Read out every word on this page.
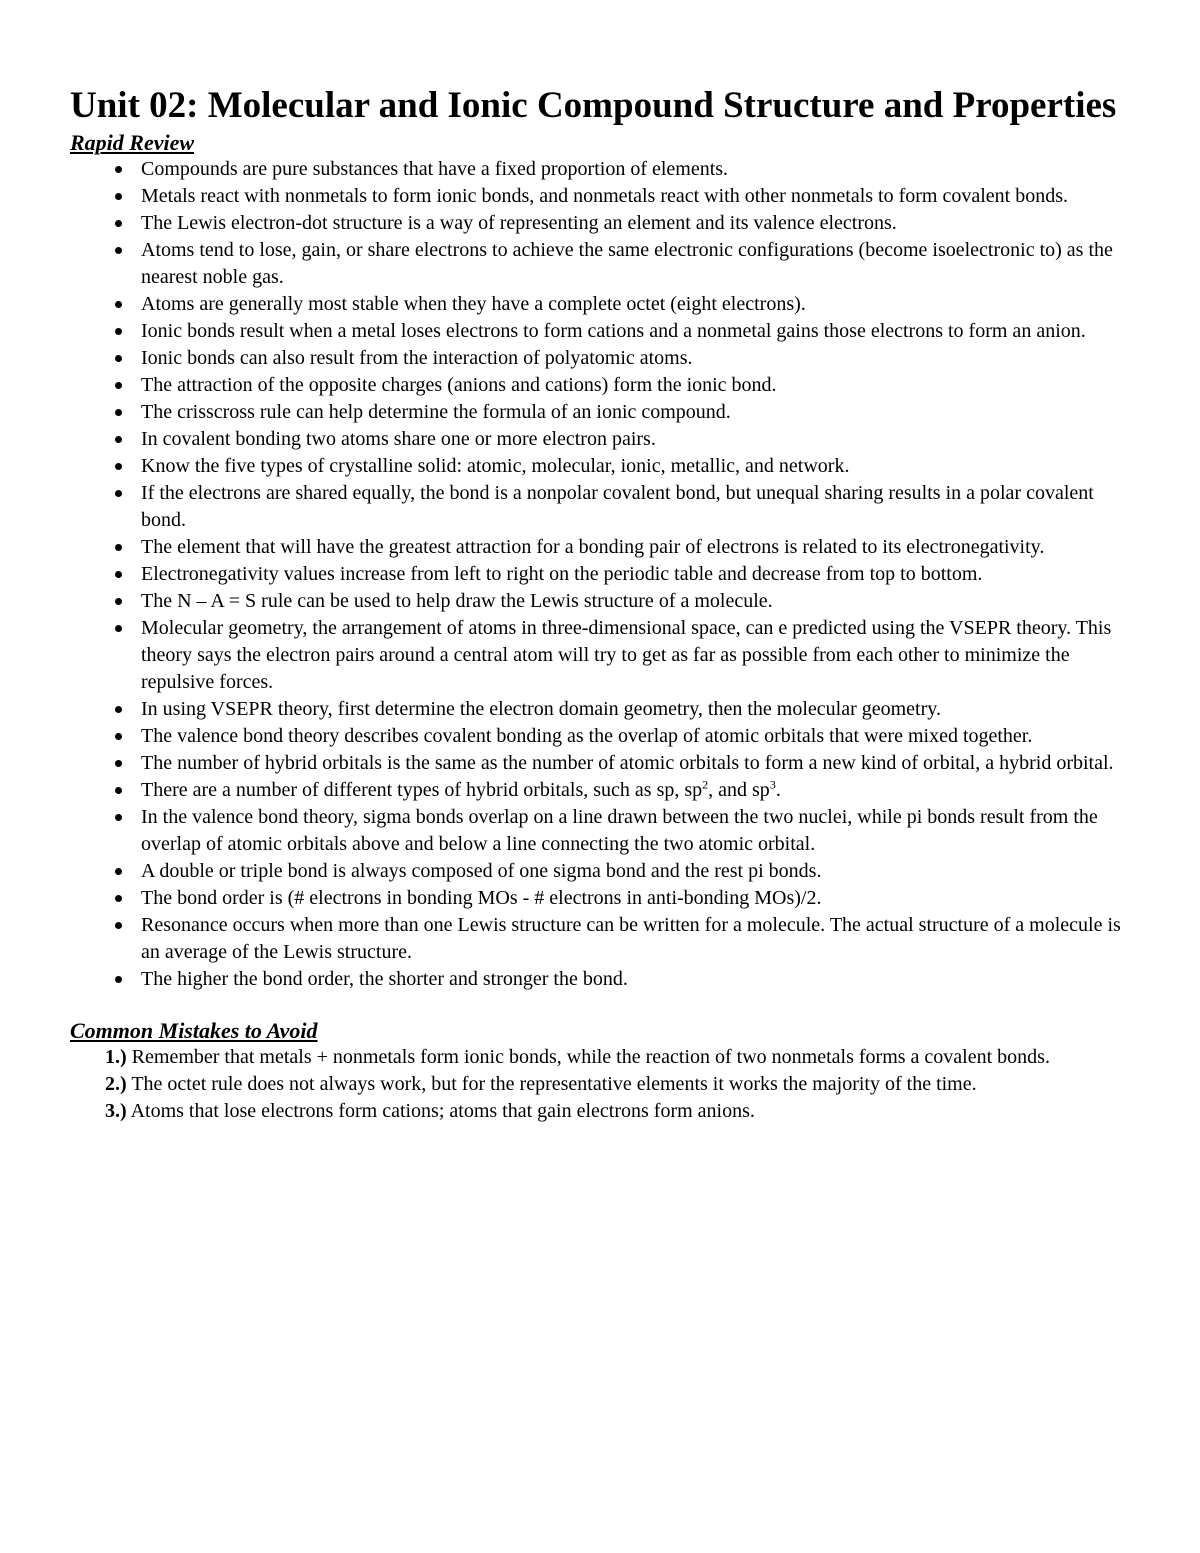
Unit 02: Molecular and Ionic Compound Structure and Properties

Rapid Review

Compounds are pure substances that have a fixed proportion of elements.
Metals react with nonmetals to form ionic bonds, and nonmetals react with other nonmetals to form covalent bonds.
The Lewis electron-dot structure is a way of representing an element and its valence electrons.
Atoms tend to lose, gain, or share electrons to achieve the same electronic configurations (become isoelectronic to) as the nearest noble gas.
Atoms are generally most stable when they have a complete octet (eight electrons).
Ionic bonds result when a metal loses electrons to form cations and a nonmetal gains those electrons to form an anion.
Ionic bonds can also result from the interaction of polyatomic atoms.
The attraction of the opposite charges (anions and cations) form the ionic bond.
The crisscross rule can help determine the formula of an ionic compound.
In covalent bonding two atoms share one or more electron pairs.
Know the five types of crystalline solid: atomic, molecular, ionic, metallic, and network.
If the electrons are shared equally, the bond is a nonpolar covalent bond, but unequal sharing results in a polar covalent bond.
The element that will have the greatest attraction for a bonding pair of electrons is related to its electronegativity.
Electronegativity values increase from left to right on the periodic table and decrease from top to bottom.
The N – A = S rule can be used to help draw the Lewis structure of a molecule.
Molecular geometry, the arrangement of atoms in three-dimensional space, can e predicted using the VSEPR theory. This theory says the electron pairs around a central atom will try to get as far as possible from each other to minimize the repulsive forces.
In using VSEPR theory, first determine the electron domain geometry, then the molecular geometry.
The valence bond theory describes covalent bonding as the overlap of atomic orbitals that were mixed together.
The number of hybrid orbitals is the same as the number of atomic orbitals to form a new kind of orbital, a hybrid orbital.
There are a number of different types of hybrid orbitals, such as sp, $sp^2$, and $sp^3$.
In the valence bond theory, sigma bonds overlap on a line drawn between the two nuclei, while pi bonds result from the overlap of atomic orbitals above and below a line connecting the two atomic orbital.
A double or triple bond is always composed of one sigma bond and the rest pi bonds.
The bond order is (# electrons in bonding MOs - # electrons in anti-bonding MOs)/2.
Resonance occurs when more than one Lewis structure can be written for a molecule. The actual structure of a molecule is an average of the Lewis structure.
The higher the bond order, the shorter and stronger the bond.

Common Mistakes to Avoid

1.) Remember that metals + nonmetals form ionic bonds, while the reaction of two nonmetals forms a covalent bonds.
2.) The octet rule does not always work, but for the representative elements it works the majority of the time.
3.) Atoms that lose electrons form cations; atoms that gain electrons form anions.
